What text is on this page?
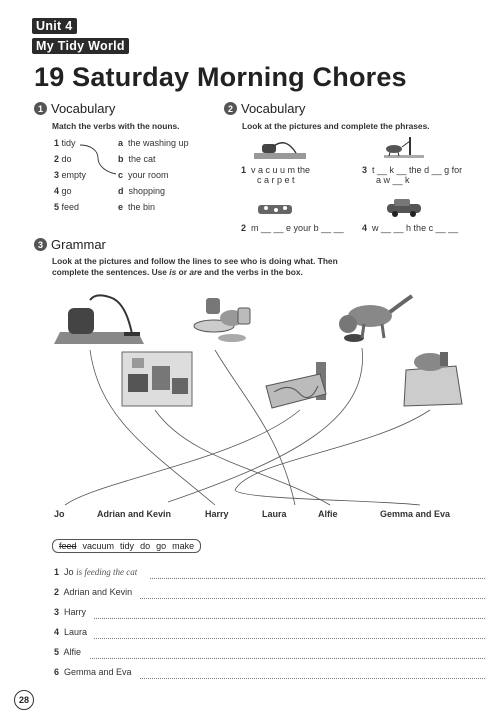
Unit 4
My Tidy World
19 Saturday Morning Chores
1 Vocabulary
Match the verbs with the nouns.
1 tidy
2 do
3 empty
4 go
5 feed
a the washing up
b the cat
c your room
d shopping
e the bin
2 Vocabulary
Look at the pictures and complete the phrases.
1 v a c u u m the
c a r p e t
3 t __ k __ the d __ g for
a w __ k
2 m __ __ e your b __ __ 4 w __ __ h the c __ __
3 Grammar
Look at the pictures and follow the lines to see who is doing what. Then
complete the sentences. Use is or are and the verbs in the box.
Jo	Adrian and Kevin	Harry	Laura	Alfie	Gemma and Eva
feed vacuum tidy do go make
1 Jo is feeding the cat
2 Adrian and Kevin
3 Harry
4 Laura
5 Alfie
6 Gemma and Eva
28
